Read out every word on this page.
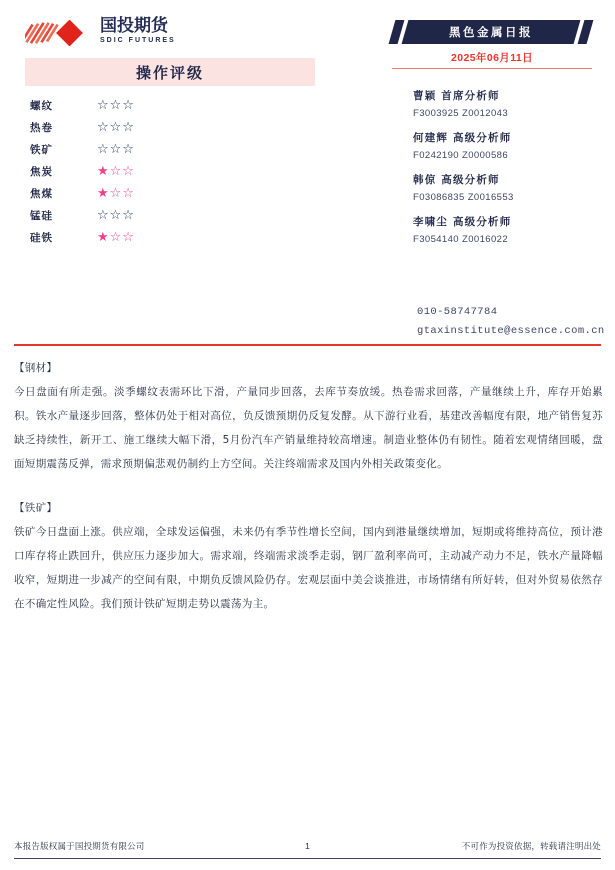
国投期货
SDIC FUTURES
操作评级
螺纹	☆☆☆
热卷	☆☆☆
铁矿	☆☆☆
焦炭	★☆☆
焦煤	★☆☆
锰硅	☆☆☆
硅铁	★☆☆
黑色金属日报
2025年06月11日
曹颖 首席分析师
F3003925 Z0012043
何建辉 高级分析师
F0242190 Z0000586
韩倞 高级分析师
F03086835 Z0016553
李啸尘 高级分析师
F3054140 Z0016022
010-58747784
gtaxinstitute@essence.com.cn
【钢材】
今日盘面有所走强。淡季螺纹表需环比下滑，产量同步回落，去库节奏放缓。热卷需求回落，产量继续上升，库存开始累积。铁水产量逐步回落，整体仍处于相对高位，负反馈预期仍反复发酵。从下游行业看，基建改善幅度有限，地产销售复苏缺乏持续性，新开工、施工继续大幅下滑，5月份汽车产销量维持较高增速。制造业整体仍有韧性。随着宏观情绪回暖，盘面短期震荡反弹，需求预期偏悲观仍制约上方空间。关注终端需求及国内外相关政策变化。
【铁矿】
铁矿今日盘面上涨。供应端，全球发运偏强，未来仍有季节性增长空间，国内到港量继续增加，短期或将维持高位，预计港口库存将止跌回升，供应压力逐步加大。需求端，终端需求淡季走弱，钢厂盈利率尚可，主动减产动力不足，铁水产量降幅收窄，短期进一步减产的空间有限，中期负反馈风险仍存。宏观层面中美会谈推进，市场情绪有所好转，但对外贸易依然存在不确定性风险。我们预计铁矿短期走势以震荡为主。
本报告版权属于国投期货有限公司	1	不可作为投资依据，转载请注明出处
